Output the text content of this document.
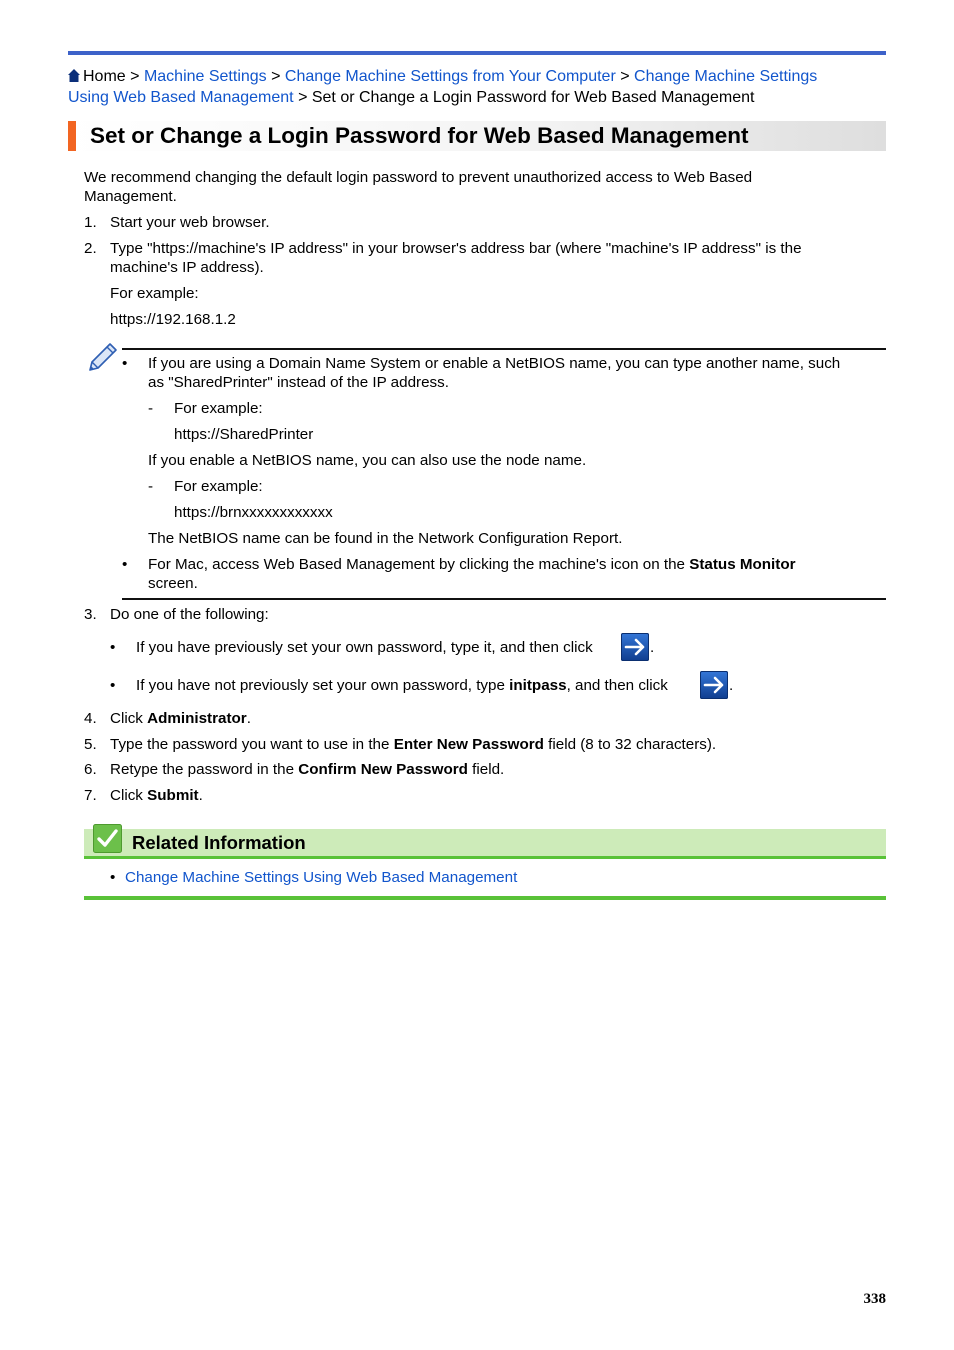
Home > Machine Settings > Change Machine Settings from Your Computer > Change Machine Settings
Using Web Based Management > Set or Change a Login Password for Web Based Management
Set or Change a Login Password for Web Based Management
We recommend changing the default login password to prevent unauthorized access to Web Based
Management.
1. Start your web browser.
2. Type "https://machine's IP address" in your browser's address bar (where "machine's IP address" is the
machine's IP address).
For example:
https://192.168.1.2
• If you are using a Domain Name System or enable a NetBIOS name, you can type another name, such
as "SharedPrinter" instead of the IP address.
- For example:
https://SharedPrinter
If you enable a NetBIOS name, you can also use the node name.
- For example:
https://brnxxxxxxxxxxxx
The NetBIOS name can be found in the Network Configuration Report.
• For Mac, access Web Based Management by clicking the machine's icon on the Status Monitor
screen.
3. Do one of the following:
• If you have previously set your own password, type it, and then click	.
• If you have not previously set your own password, type initpass, and then click	.
4. Click Administrator.
5. Type the password you want to use in the Enter New Password field (8 to 32 characters).
6. Retype the password in the Confirm New Password field.
7. Click Submit.
Related Information
• Change Machine Settings Using Web Based Management
338
